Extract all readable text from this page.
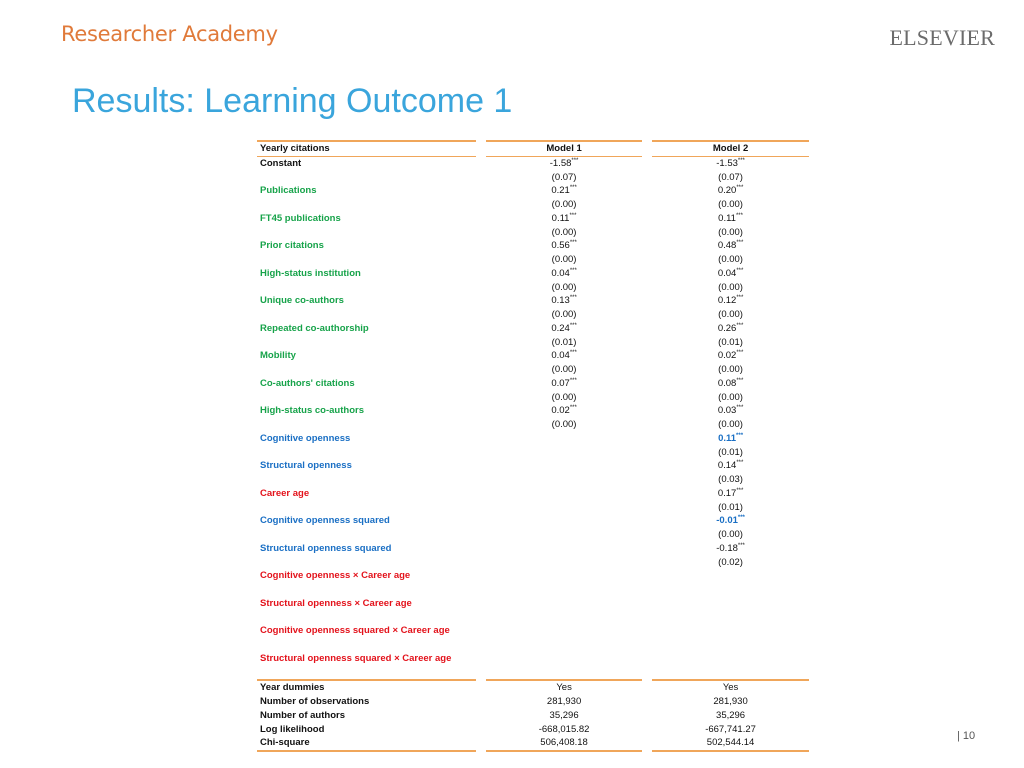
Researcher Academy	ELSEVIER
Results: Learning Outcome 1
Yearly citations		Model 1		Model 2
Constant		-1.58***		-1.53***
		(0.07)		(0.07)
Publications		0.21***		0.20***
		(0.00)		(0.00)
FT45 publications		0.11***		0.11***
		(0.00)		(0.00)
Prior citations		0.56***		0.48***
		(0.00)		(0.00)
High-status institution		0.04***		0.04***
		(0.00)		(0.00)
Unique co-authors		0.13***		0.12***
		(0.00)		(0.00)
Repeated co-authorship		0.24***		0.26***
		(0.01)		(0.01)
Mobility		0.04***		0.02***
		(0.00)		(0.00)
Co-authors' citations		0.07***		0.08***
		(0.00)		(0.00)
High-status co-authors		0.02***		0.03***
		(0.00)		(0.00)
Cognitive openness				0.11***
				(0.01)
Structural openness				0.14***
				(0.03)
Career age				0.17***
				(0.01)
Cognitive openness squared				-0.01***
				(0.00)
Structural openness squared				-0.18***
				(0.02)
Cognitive openness × Career age				

Structural openness × Career age				

Cognitive openness squared × Career age				

Structural openness squared × Career age				

Year dummies		Yes		Yes
Number of observations		281,930		281,930
Number of authors		35,296		35,296
Log likelihood		-668,015.82		-667,741.27
Chi-square		506,408.18		502,544.14
| 10
